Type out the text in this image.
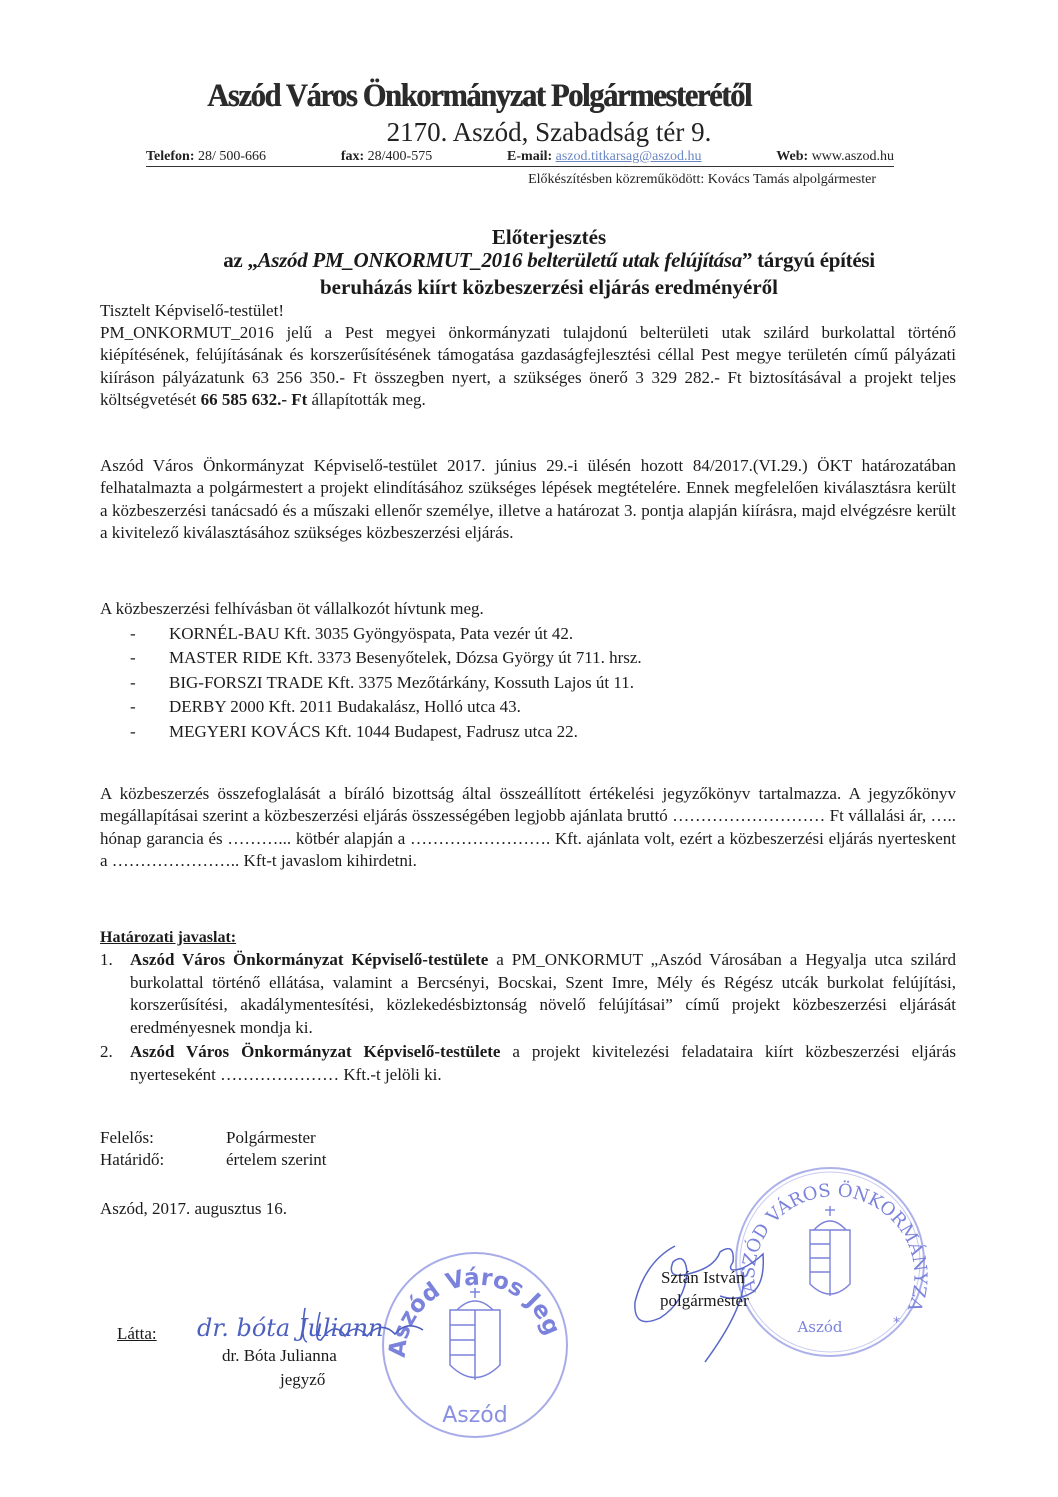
Aszód Város Önkormányzat Polgármesterétől
2170. Aszód, Szabadság tér 9.
Telefon: 28/ 500-666	fax: 28/400-575	E-mail: aszod.titkarsag@aszod.hu	Web: www.aszod.hu
Előkészítésben közreműködött: Kovács Tamás alpolgármester
Előterjesztés
az „Aszód PM_ONKORMUT_2016 belterületű utak felújítása” tárgyú építési
beruházás kiírt közbeszerzési eljárás eredményéről
Tisztelt Képviselő-testület!

PM_ONKORMUT_2016 jelű a Pest megyei önkormányzati tulajdonú belterületi utak szilárd burkolattal történő kiépítésének, felújításának és korszerűsítésének támogatása gazdaságfejlesztési céllal Pest megye területén című pályázati kiíráson pályázatunk 63 256 350.- Ft összegben nyert, a szükséges önerő 3 329 282.- Ft biztosításával a projekt teljes költségvetését 66 585 632.- Ft állapították meg.

Aszód Város Önkormányzat Képviselő-testület 2017. június 29.-i ülésén hozott 84/2017.(VI.29.) ÖKT határozatában felhatalmazta a polgármestert a projekt elindításához szükséges lépések megtételére. Ennek megfelelően kiválasztásra került a közbeszerzési tanácsadó és a műszaki ellenőr személye, illetve a határozat 3. pontja alapján kiírásra, majd elvégzésre került a kivitelező kiválasztásához szükséges közbeszerzési eljárás.

A közbeszerzési felhívásban öt vállalkozót hívtunk meg.
-	KORNÉL-BAU Kft. 3035 Gyöngyöspata, Pata vezér út 42.
-	MASTER RIDE Kft. 3373 Besenyőtelek, Dózsa György út 711. hrsz.
-	BIG-FORSZI TRADE Kft. 3375 Mezőtárkány, Kossuth Lajos út 11.
-	DERBY 2000 Kft. 2011 Budakalász, Holló utca 43.
-	MEGYERI KOVÁCS Kft. 1044 Budapest, Fadrusz utca 22.

A közbeszerzés összefoglalását a bíráló bizottság által összeállított értékelési jegyzőkönyv tartalmazza. A jegyzőkönyv megállapításai szerint a közbeszerzési eljárás összességében legjobb ajánlata bruttó ……………………… Ft vállalási ár, ….. hónap garancia és ………... kötbér alapján a ……………………. Kft. ajánlata volt, ezért a közbeszerzési eljárás nyerteskent a ………………….. Kft-t javaslom kihirdetni.

Határozati javaslat:
1.	Aszód Város Önkormányzat Képviselő-testülete a PM_ONKORMUT „Aszód Városában a Hegyalja utca szilárd burkolattal történő ellátása, valamint a Bercsényi, Bocskai, Szent Imre, Mély és Régész utcák burkolat felújítási, korszerűsítési, akadálymentesítési, közlekedésbiztonság növelő felújításai” című projekt közbeszerzési eljárását eredményesnek mondja ki.
2.	Aszód Város Önkormányzat Képviselő-testülete a projekt kivitelezési feladataira kiírt közbeszerzési eljárás nyerteseként ………………… Kft.-t jelöli ki.
Felelős:	Polgármester
Határidő:	értelem szerint
Aszód, 2017. augusztus 16.
Aszód Város Jegyzője
Aszód
dr. bóta Juliann
Látta:
dr. Bóta Julianna
jegyző
ASZÓD VÁROS ÖNKORMÁNYZAT
Aszód	*
Sztán István
polgármester
